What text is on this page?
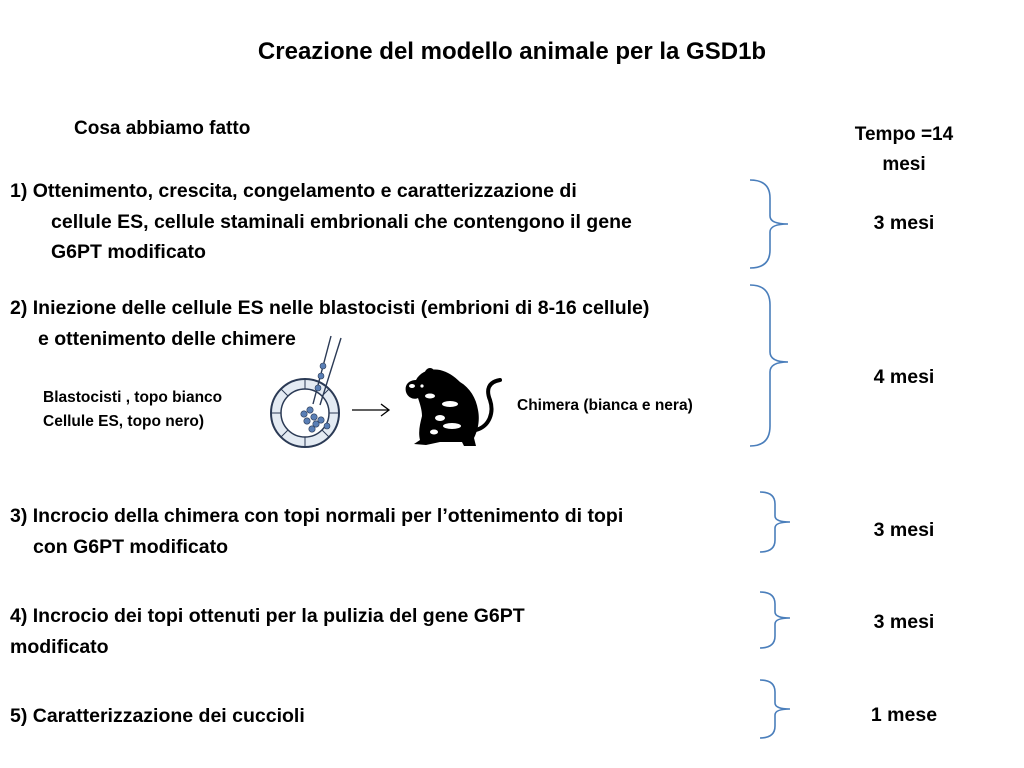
Creazione del modello animale per la GSD1b
Cosa abbiamo fatto	Tempo =14 mesi
1) Ottenimento, crescita, congelamento e caratterizzazione di
cellule ES, cellule staminali embrionali che contengono il gene
G6PT modificato
3 mesi
2) Iniezione delle cellule ES nelle blastocisti (embrioni di 8-16 cellule)
e ottenimento delle chimere
4 mesi
Blastocisti , topo bianco
Cellule ES, topo nero)
Chimera (bianca e nera)
3) Incrocio della chimera con topi normali per l’ottenimento di topi
con G6PT modificato
3 mesi
4) Incrocio dei topi ottenuti per la pulizia del gene G6PT
modificato
3 mesi
5) Caratterizzazione dei cuccioli	1 mese
